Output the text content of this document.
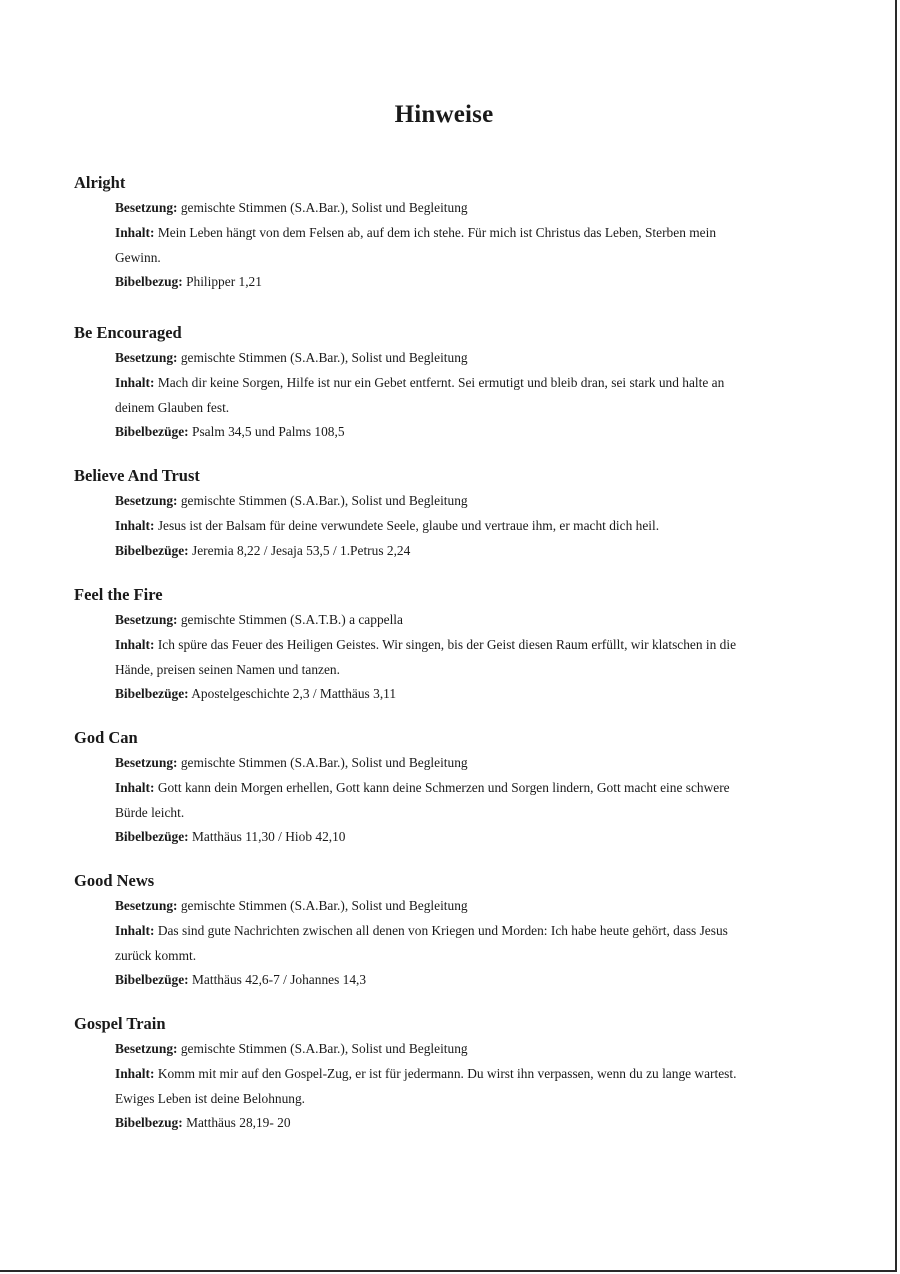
Hinweise
Alright
Besetzung: gemischte Stimmen (S.A.Bar.), Solist und Begleitung
Inhalt: Mein Leben hängt von dem Felsen ab, auf dem ich stehe. Für mich ist Christus das Leben, Sterben mein
Gewinn.
Bibelbezug: Philipper 1,21
Be Encouraged
Besetzung: gemischte Stimmen (S.A.Bar.), Solist und Begleitung
Inhalt: Mach dir keine Sorgen, Hilfe ist nur ein Gebet entfernt. Sei ermutigt und bleib dran, sei stark und halte an
deinem Glauben fest.
Bibelbezüge: Psalm 34,5 und Palms 108,5
Believe And Trust
Besetzung: gemischte Stimmen (S.A.Bar.), Solist und Begleitung
Inhalt: Jesus ist der Balsam für deine verwundete Seele, glaube und vertraue ihm, er macht dich heil.
Bibelbezüge: Jeremia 8,22 / Jesaja 53,5 / 1.Petrus 2,24
Feel the Fire
Besetzung: gemischte Stimmen (S.A.T.B.) a cappella
Inhalt: Ich spüre das Feuer des Heiligen Geistes. Wir singen, bis der Geist diesen Raum erfüllt, wir klatschen in die
Hände, preisen seinen Namen und tanzen.
Bibelbezüge: Apostelgeschichte 2,3 / Matthäus 3,11
God Can
Besetzung: gemischte Stimmen (S.A.Bar.), Solist und Begleitung
Inhalt: Gott kann dein Morgen erhellen, Gott kann deine Schmerzen und Sorgen lindern, Gott macht eine schwere
Bürde leicht.
Bibelbezüge: Matthäus 11,30 / Hiob 42,10
Good News
Besetzung: gemischte Stimmen (S.A.Bar.), Solist und Begleitung
Inhalt: Das sind gute Nachrichten zwischen all denen von Kriegen und Morden: Ich habe heute gehört, dass Jesus
zurück kommt.
Bibelbezüge: Matthäus 42,6-7 / Johannes 14,3
Gospel Train
Besetzung: gemischte Stimmen (S.A.Bar.), Solist und Begleitung
Inhalt: Komm mit mir auf den Gospel-Zug, er ist für jedermann. Du wirst ihn verpassen, wenn du zu lange wartest.
Ewiges Leben ist deine Belohnung.
Bibelbezug: Matthäus 28,19- 20
